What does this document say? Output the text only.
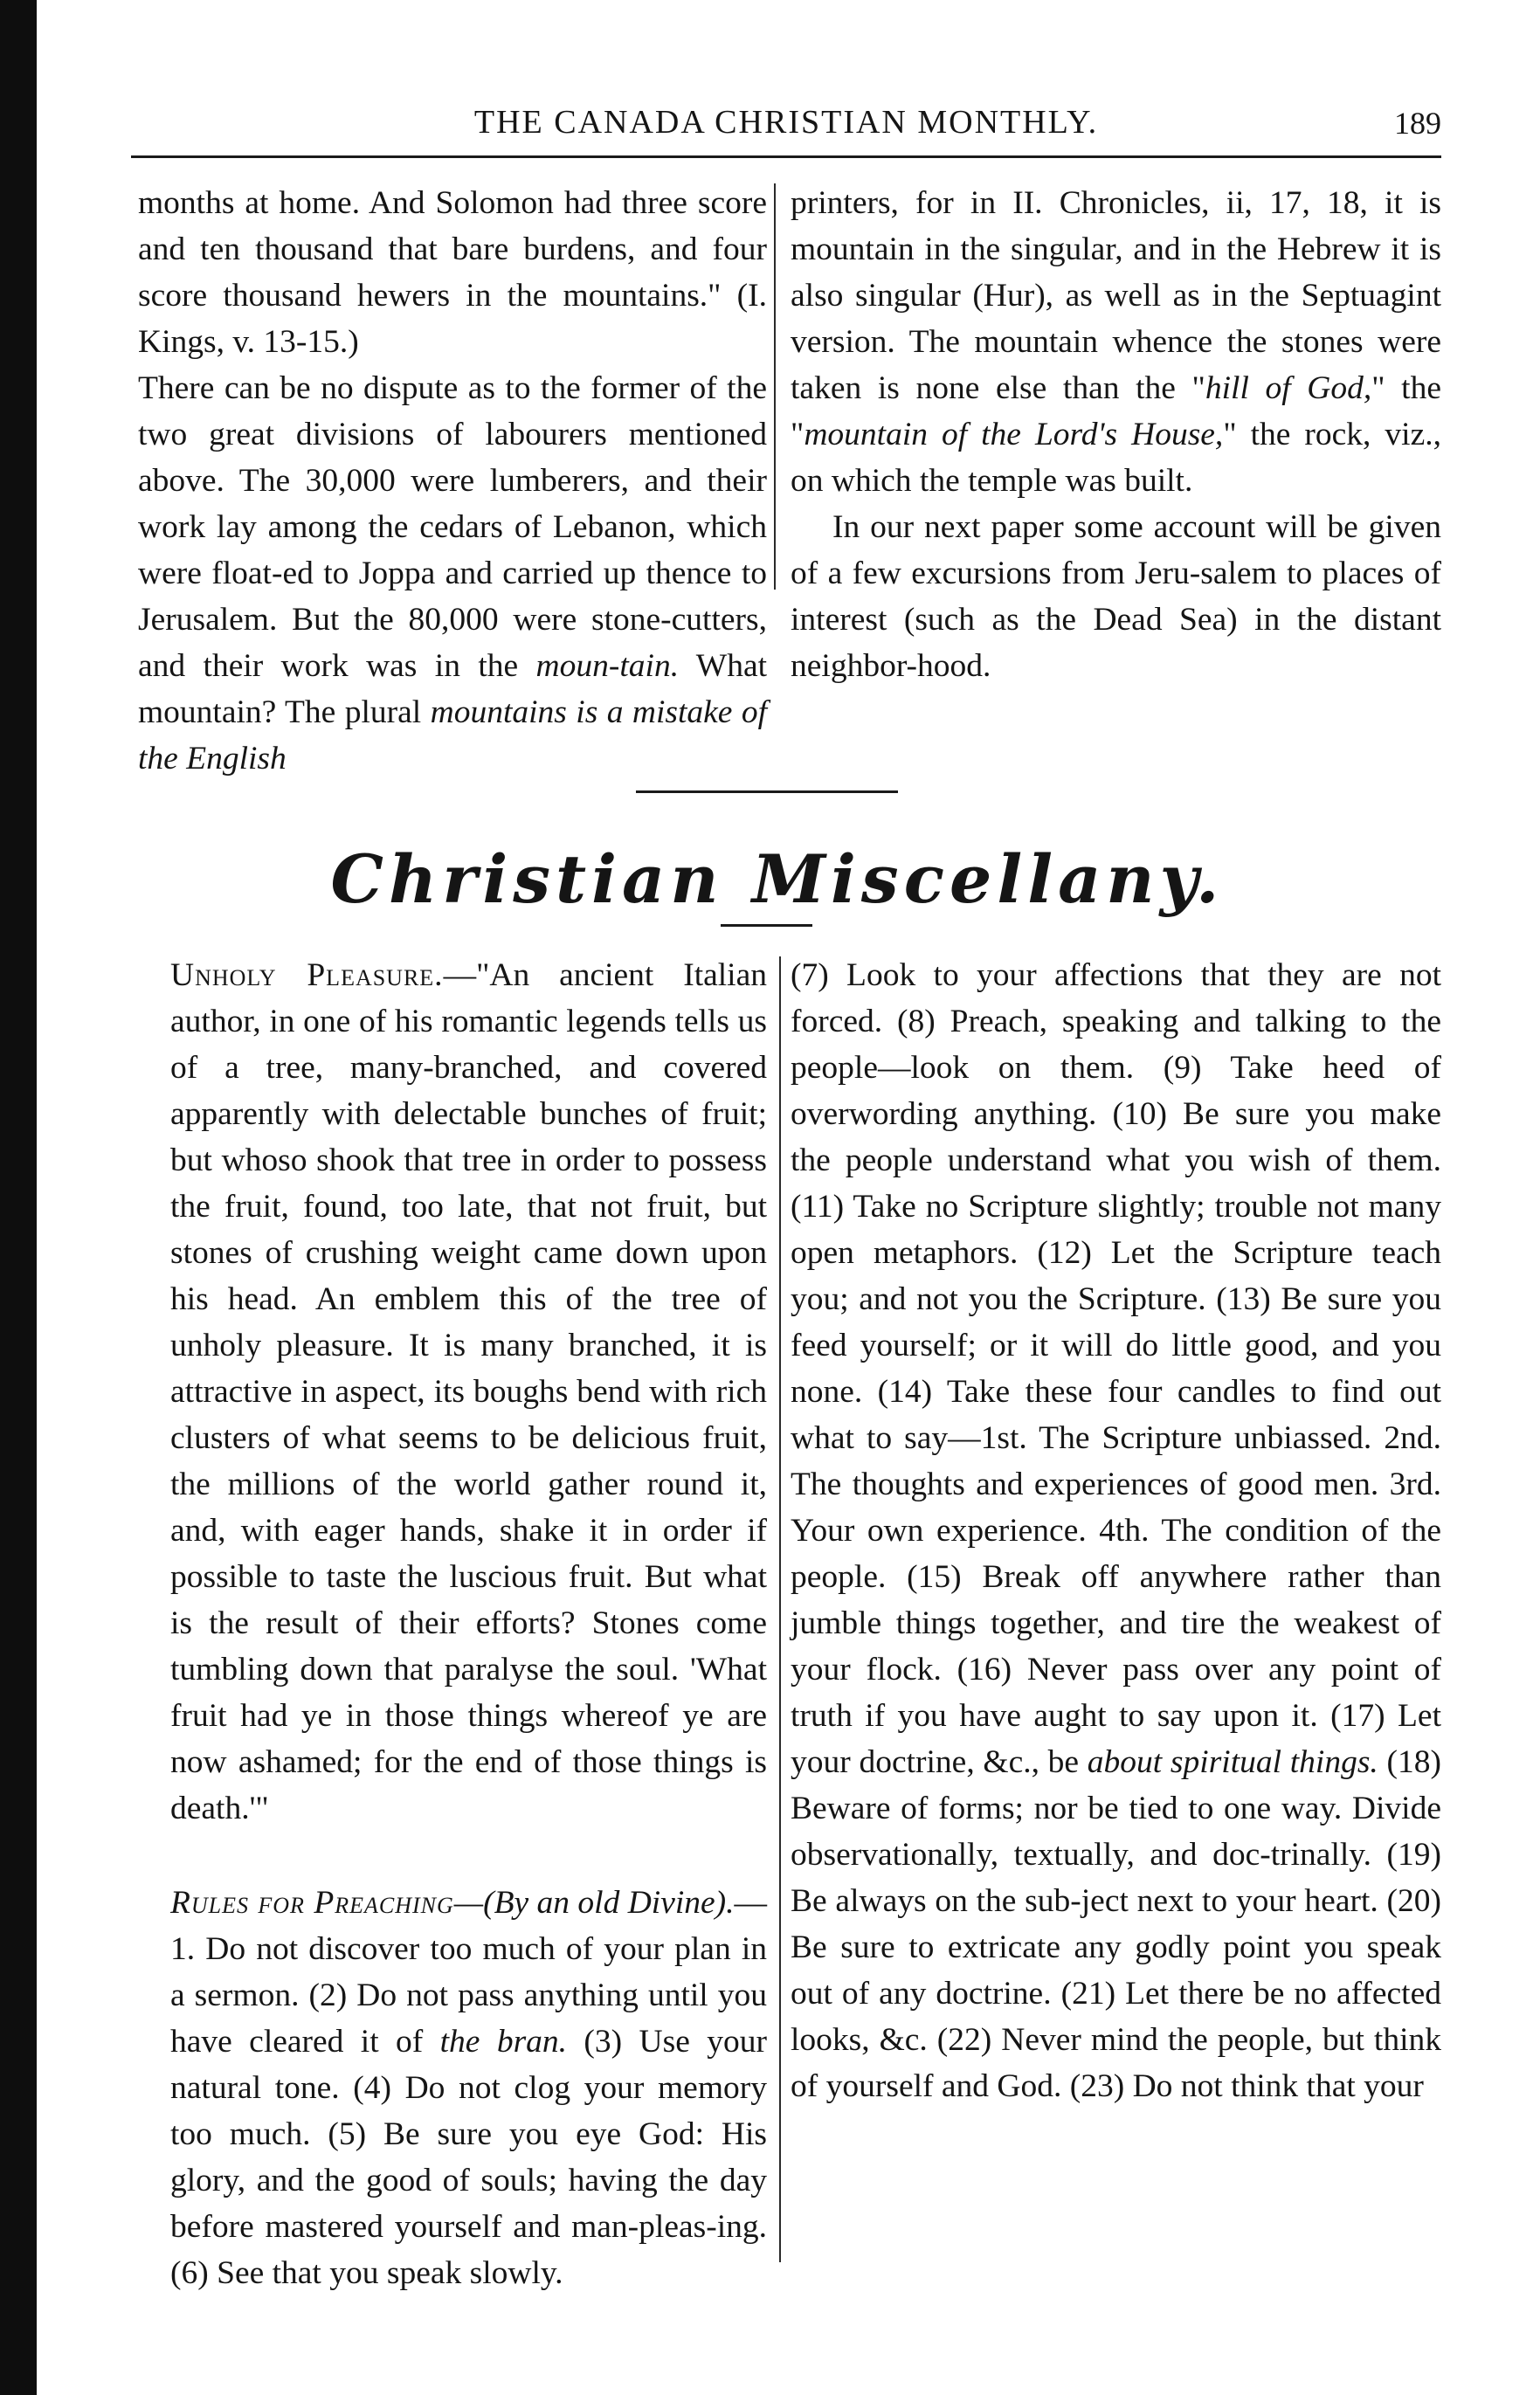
THE CANADA CHRISTIAN MONTHLY.	189

months at home. And Solomon had three score and ten thousand that bare burdens, and four score thousand hewers in the mountains." (I. Kings, v. 13-15.)

There can be no dispute as to the former of the two great divisions of labourers mentioned above. The 30,000 were lumberers, and their work lay among the cedars of Lebanon, which were float-ed to Joppa and carried up thence to Jerusalem. But the 80,000 were stone-cutters, and their work was in the moun-tain. What mountain? The plural mountains is a mistake of the English

printers, for in II. Chronicles, ii, 17, 18, it is mountain in the singular, and in the Hebrew it is also singular (Hur), as well as in the Septuagint version. The mountain whence the stones were taken is none else than the "hill of God," the "mountain of the Lord's House," the rock, viz., on which the temple was built.

In our next paper some account will be given of a few excursions from Jeru-salem to places of interest (such as the Dead Sea) in the distant neighbor-hood.

Christian Miscellany.

Unholy Pleasure.—"An ancient Italian author, in one of his romantic legends tells us of a tree, many-branched, and covered apparently with delectable bunches of fruit; but whoso shook that tree in order to possess the fruit, found, too late, that not fruit, but stones of crushing weight came down upon his head. An emblem this of the tree of unholy pleasure. It is many branched, it is attractive in aspect, its boughs bend with rich clusters of what seems to be delicious fruit, the millions of the world gather round it, and, with eager hands, shake it in order if possible to taste the luscious fruit. But what is the result of their efforts? Stones come tumbling down that paralyse the soul. 'What fruit had ye in those things whereof ye are now ashamed; for the end of those things is death.'"

Rules for Preaching—(By an old Divine).—1. Do not discover too much of your plan in a sermon. (2) Do not pass anything until you have cleared it of the bran. (3) Use your natural tone. (4) Do not clog your memory too much. (5) Be sure you eye God: His glory, and the good of souls; having the day before mastered yourself and man-pleas-ing. (6) See that you speak slowly.

(7) Look to your affections that they are not forced. (8) Preach, speaking and talking to the people—look on them. (9) Take heed of overwording anything. (10) Be sure you make the people understand what you wish of them. (11) Take no Scripture slightly; trouble not many open metaphors. (12) Let the Scripture teach you; and not you the Scripture. (13) Be sure you feed yourself; or it will do little good, and you none. (14) Take these four candles to find out what to say—1st. The Scripture unbiassed. 2nd. The thoughts and experiences of good men. 3rd. Your own experience. 4th. The condition of the people. (15) Break off anywhere rather than jumble things together, and tire the weakest of your flock. (16) Never pass over any point of truth if you have aught to say upon it. (17) Let your doctrine, &c., be about spiritual things. (18) Beware of forms; nor be tied to one way. Divide observationally, textually, and doc-trinally. (19) Be always on the sub-ject next to your heart. (20) Be sure to extricate any godly point you speak out of any doctrine. (21) Let there be no affected looks, &c. (22) Never mind the people, but think of yourself and God. (23) Do not think that your
